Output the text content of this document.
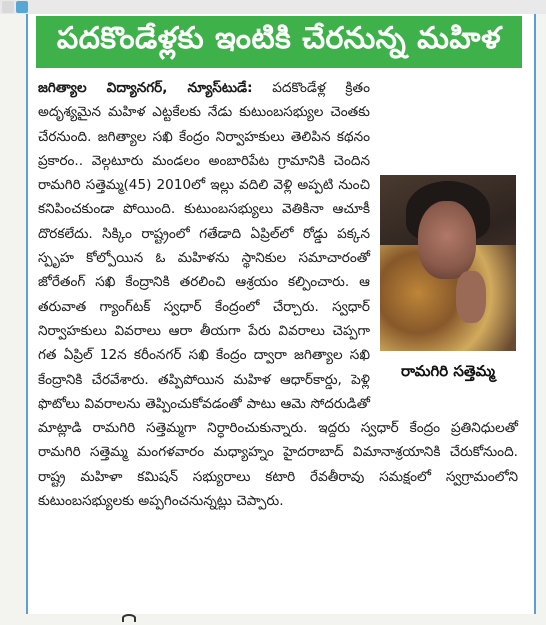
పదకొండేళ్లకు ఇంటికి చేరనున్న మహిళ
రామగిరి సత్తెమ్మ
జగిత్యాల విద్యానగర్, న్యూస్‌టుడే: పదకొండేళ్ల క్రితం అదృశ్యమైన మహిళ ఎట్టకేలకు నేడు కుటుంబసభ్యుల చెంతకు చేరనుంది. జగిత్యాల సఖి కేంద్రం నిర్వాహకులు తెలిపిన కథనం ప్రకారం.. వెల్గటూరు మండలం అంబారిపేట గ్రామానికి చెందిన రామగిరి సత్తెమ్మ(45) 2010లో ఇల్లు వదిలి వెళ్లి అప్పటి నుంచి కనిపించకుండా పోయింది. కుటుంబసభ్యులు వెతికినా ఆచూకీ దొరకలేదు. సిక్కిం రాష్ట్రంలో గతేడాది ఏప్రిల్‌లో రోడ్డు పక్కన స్పృహ కోల్పోయిన ఓ మహిళను స్థానికుల సమాచారంతో జోరేతంగ్ సఖి కేంద్రానికి తరలించి ఆశ్రయం కల్పించారు. ఆ తరువాత గ్యాంగ్‌టక్ స్వధార్ కేంద్రంలో చేర్చారు. స్వధార్ నిర్వాహకులు వివరాలు ఆరా తీయగా పేరు వివరాలు చెప్పగా గత ఏప్రిల్ 12న కరీంనగర్ సఖి కేంద్రం ద్వారా జగిత్యాల సఖి కేంద్రానికి చేరవేశారు. తప్పిపోయిన మహిళ ఆధార్‌కార్డు, పెళ్లి ఫొటోలు వివరాలను తెప్పించుకోవడంతో పాటు ఆమె సోదరుడితో మాట్లాడి రామగిరి సత్తెమ్మగా నిర్ధారించుకున్నారు. ఇద్దరు స్వధార్ కేంద్రం ప్రతినిధులతో రామగిరి సత్తెమ్మ మంగళవారం మధ్యాహ్నం హైదరాబాద్ విమానాశ్రయానికి చేరుకోనుంది. రాష్ట్ర మహిళా కమిషన్ సభ్యురాలు కటారి రేవతీరావు సమక్షంలో స్వగ్రామంలోని కుటుంబసభ్యులకు అప్పగించనున్నట్లు చెప్పారు.
